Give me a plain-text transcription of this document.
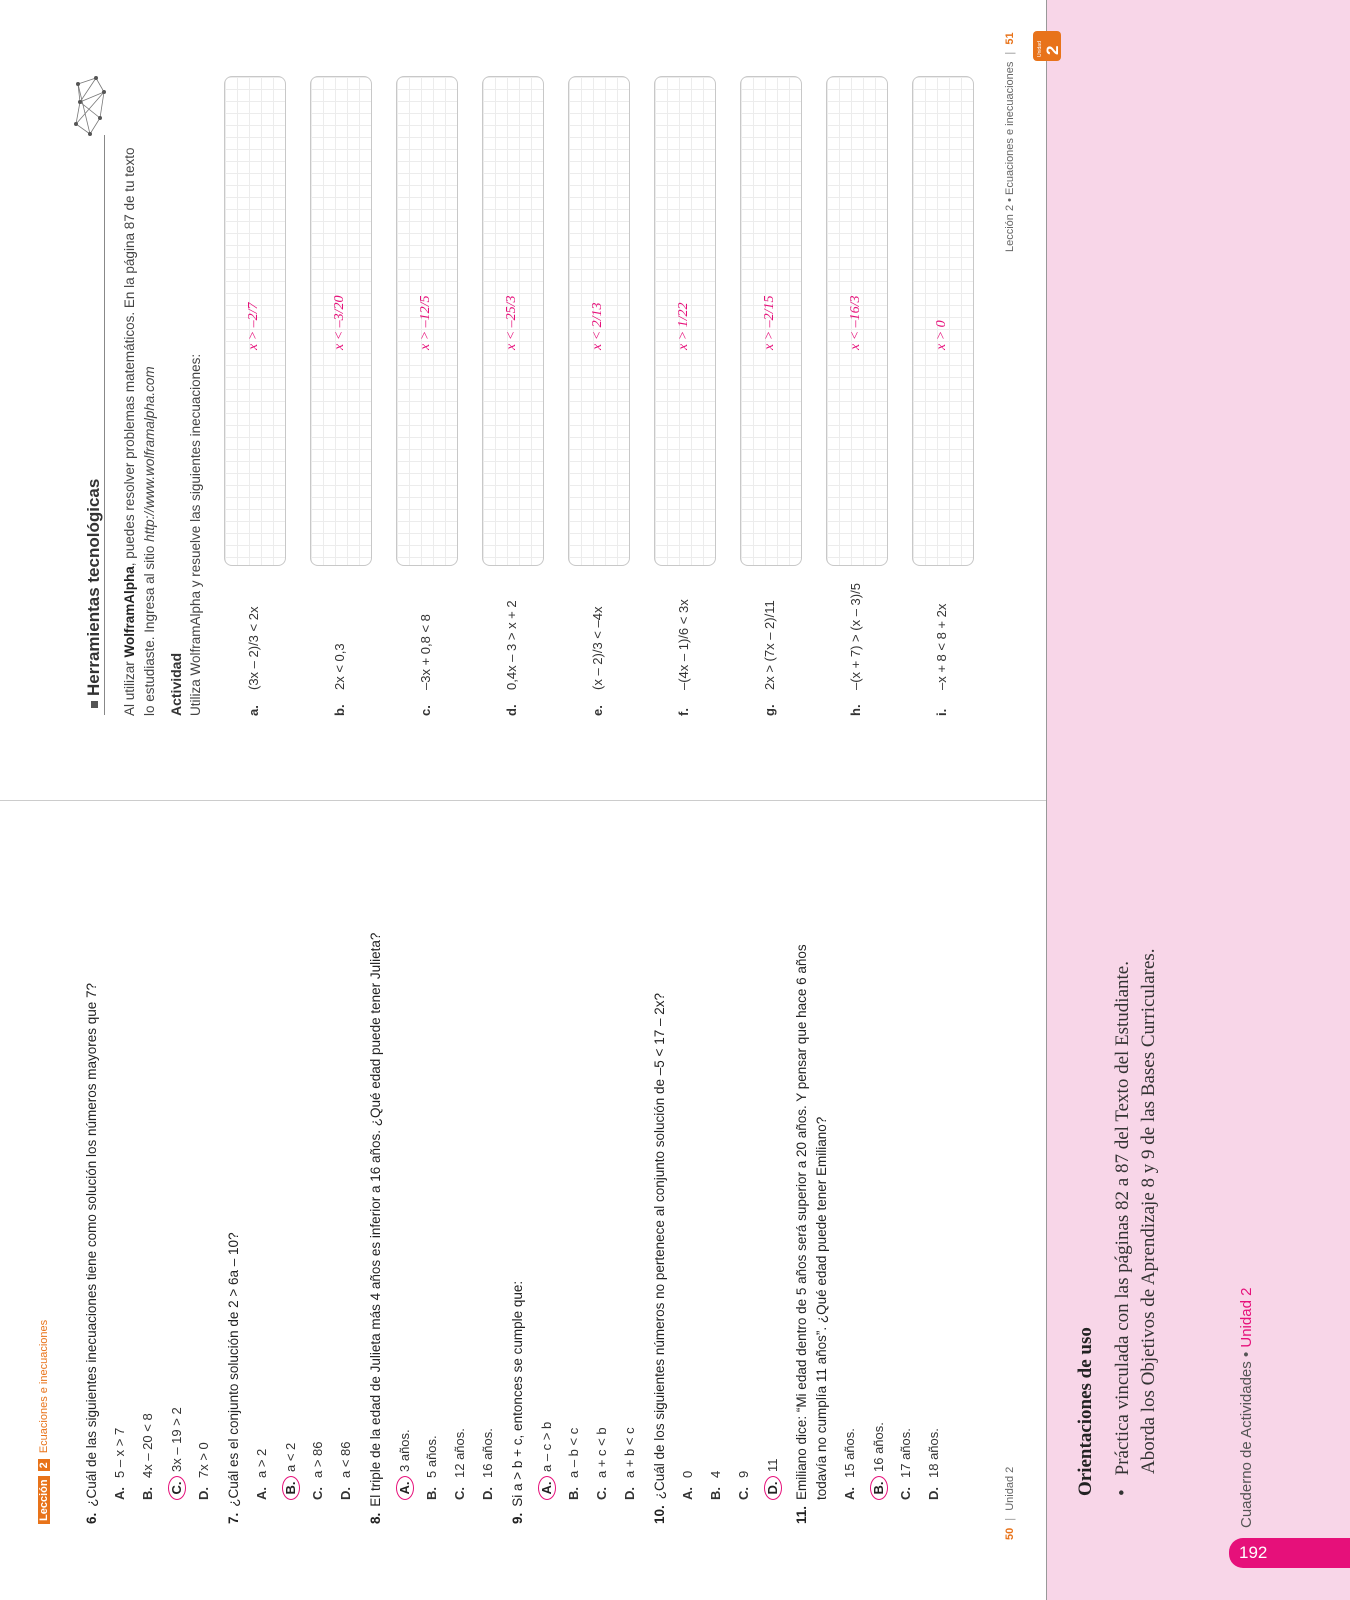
Lección 2 Ecuaciones e inecuaciones
6.¿Cuál de las siguientes inecuaciones tiene como solución los números mayores que 7? A.5 – x > 7
B.4x – 20 < 8
C.3x – 19 > 2
D.7x > 0
7.¿Cuál es el conjunto solución de 2 > 6a – 10? A.a > 2
B.a < 2
C.a > 86
D.a < 86
8.El triple de la edad de Julieta más 4 años es inferior a 16 años. ¿Qué edad puede tener Julieta? A.3 años.
B.5 años.
C.12 años.
D.16 años.
9.Si a > b + c, entonces se cumple que: A.a – c > b
B.a – b < c
C.a + c < b
D.a + b < c
10.¿Cuál de los siguientes números no pertenece al conjunto solución de –5 < 17 – 2x? A.0
B.4
C.9
D.11
11.Emiliano dice: “Mi edad dentro de 5 años será superior a 20 años. Y pensar que hace 6 años todavía no cumplía 11 años”. ¿Qué edad puede tener Emiliano? A.15 años.
B.16 años.
C.17 años.
D.18 años.
50 | Unidad 2
Unidad 2
Herramientas tecnológicas Al utilizar WolframAlpha, puedes resolver problemas matemáticos. En la página 87 de tu texto
lo estudiaste. Ingresa al sitio http://www.wolframalpha.com
Actividad Utiliza WolframAlpha y resuelve las siguientes inecuaciones:	a.
(3x – 2)/3 < 2x
x > –2/7
b.
2x < 0,3
x < –3/20
c.
–3x + 0,8 < 8
x > –12/5
d.
0,4x – 3 > x + 2
x < –25/3
e.
(x – 2)/3 < –4x
x < 2/13
f.
–(4x – 1)/6 < 3x
x > 1/22
g.
2x > (7x – 2)/11
x > –2/15
h.
–(x + 7) > (x – 3)/5
x < –16/3
i.
–x + 8 < 8 + 2x
x > 0
Lección 2 • Ecuaciones e inecuaciones | 51
Orientaciones de uso •Práctica vinculada con las páginas 82 a 87 del Texto del Estudiante. Aborda los Objetivos de Aprendizaje 8 y 9 de las Bases Curriculares.	Cuaderno de Actividades • Unidad 2
192
